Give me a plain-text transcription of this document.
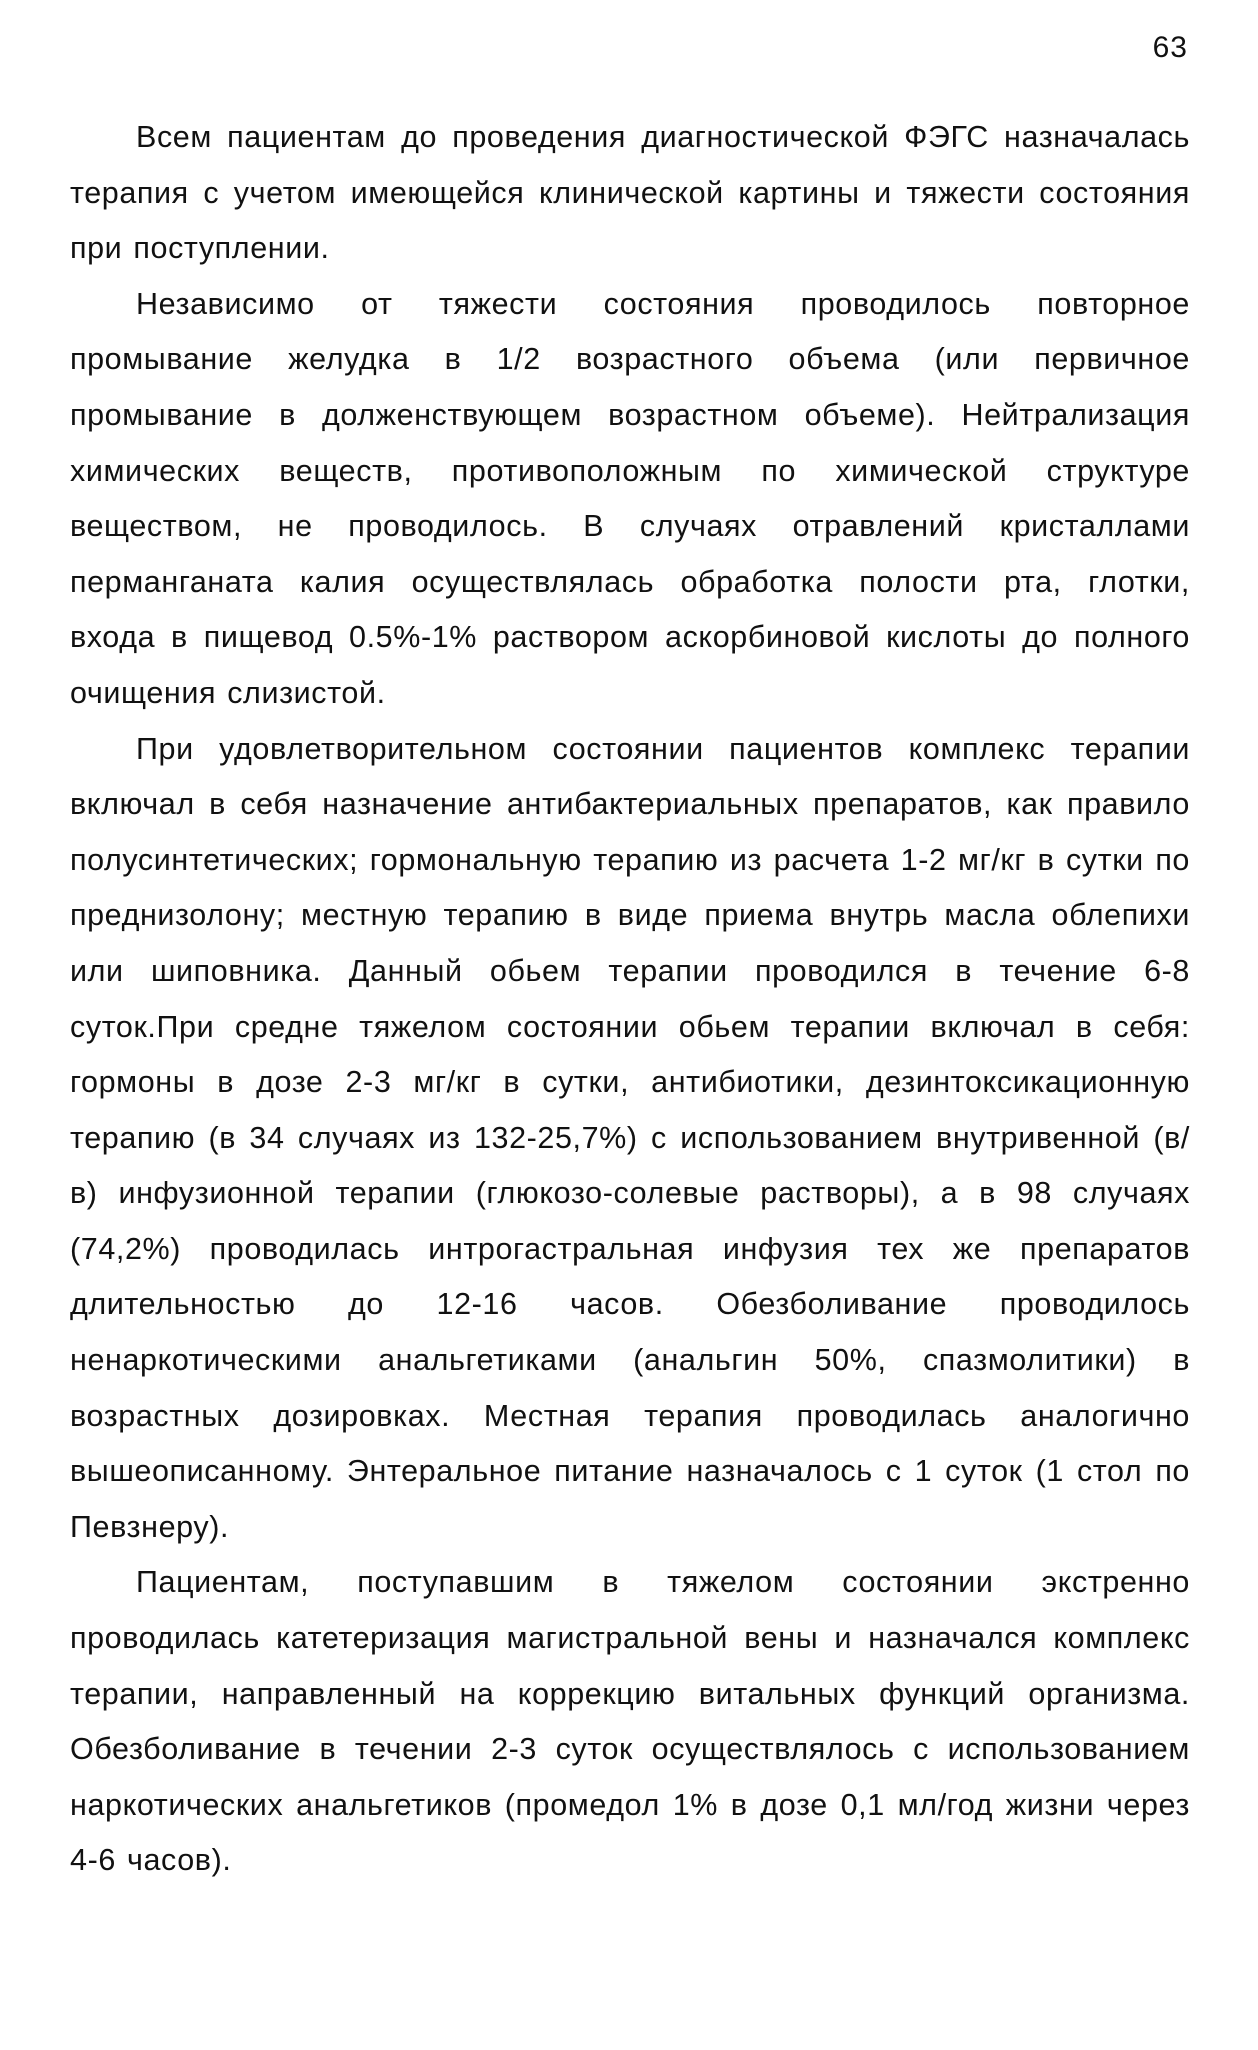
63

Всем пациентам до проведения диагностической ФЭГС назначалась терапия с учетом имеющейся клинической картины и тяжести состояния при поступлении.

Независимо от тяжести состояния проводилось повторное промывание желудка в 1/2 возрастного объема (или первичное промывание в долженствующем возрастном объеме). Нейтрализация химических веществ, противоположным по химической структуре веществом, не проводилось. В случаях отравлений кристаллами перманганата калия осуществлялась обработка полости рта, глотки, входа в пищевод 0.5%-1% раствором аскорбиновой кислоты до полного очищения слизистой.

При удовлетворительном состоянии пациентов комплекс терапии включал в себя назначение антибактериальных препаратов, как правило полусинтетических; гормональную терапию из расчета 1-2 мг/кг в сутки по преднизолону; местную терапию в виде приема внутрь масла облепихи или шиповника. Данный обьем терапии проводился в течение 6-8 суток.При средне тяжелом состоянии обьем терапии включал в себя: гормоны в дозе 2-3 мг/кг в сутки, антибиотики, дезинтоксикационную терапию (в 34 случаях из 132-25,7%) с использованием внутривенной (в/в) инфузионной терапии (глюкозо-солевые растворы), а в 98 случаях (74,2%) проводилась интрогастральная инфузия тех же препаратов длительностью до 12-16 часов. Обезболивание проводилось ненаркотическими анальгетиками (анальгин 50%, спазмолитики) в возрастных дозировках. Местная терапия проводилась аналогично вышеописанному. Энтеральное питание назначалось с 1 суток (1 стол по Певзнеру).

Пациентам, поступавшим в тяжелом состоянии экстренно проводилась катетеризация магистральной вены и назначался комплекс терапии, направленный на коррекцию витальных функций организма. Обезболивание в течении 2-3 суток осуществлялось с использованием наркотических анальгетиков (промедол 1% в дозе 0,1 мл/год жизни через 4-6 часов).
